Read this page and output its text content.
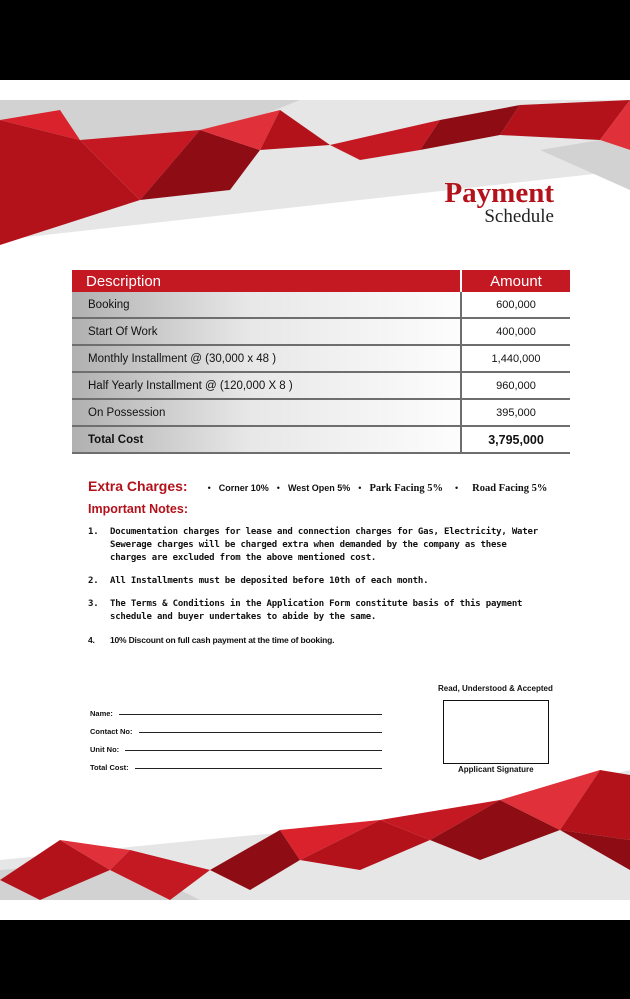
Payment
Schedule
Description	Amount
Booking	600,000
Start Of Work	400,000
Monthly Installment @ (30,000 x 48 )	1,440,000
Half Yearly Installment @ (120,000 X 8 )	960,000
On Possession	395,000
Total Cost	3,795,000
Extra Charges: • Corner 10% • West Open 5% • Park Facing 5% • Road Facing 5%
Important Notes:
1. Documentation charges for lease and connection charges for Gas, Electricity, Water Sewerage charges will be charged extra when demanded by the company as these charges are excluded from the above mentioned cost.
2. All Installments must be deposited before 10th of each month.
3. The Terms & Conditions in the Application Form constitute basis of this payment schedule and buyer undertakes to abide by the same.
4. 10% Discount on full cash payment at the time of booking.
Name:
Contact No:
Unit No:
Total Cost:
Read, Understood & Accepted
Applicant Signature
